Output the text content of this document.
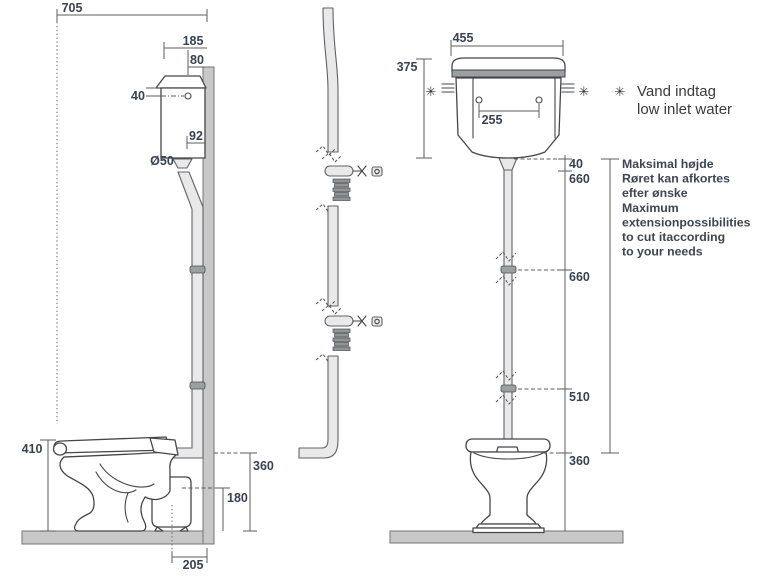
705
185
80
40
92
Ø50
410
360
180
205
455
375
255
✳	✳
40
660
660
510
360
✳ Vand indtag
low inlet water
Maksimal højde
Røret kan afkortes
efter ønske
Maximum
extensionpossibilities
to cut itaccording
to your needs
